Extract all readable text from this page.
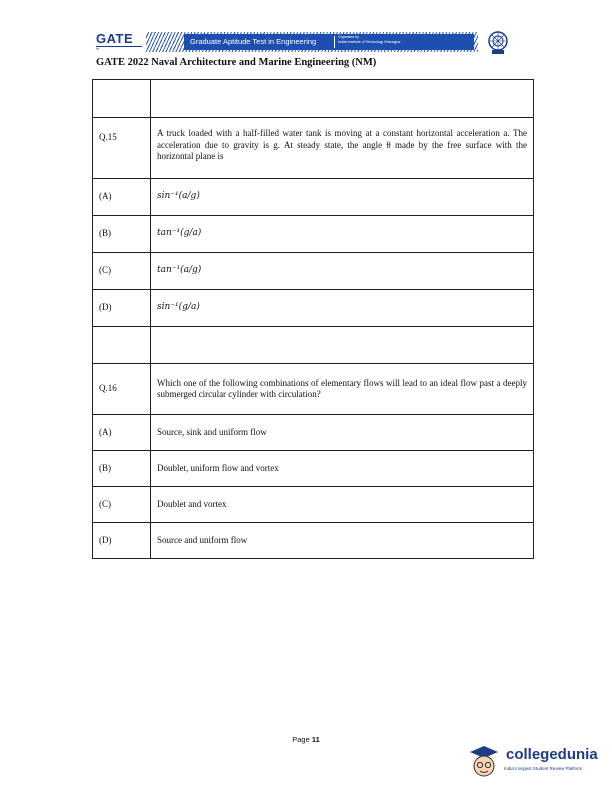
GATE
गेट
Graduate Aptitude Test in Engineering	Organised by
Indian Institute of Technology Kharagpur
GATE 2022 Naval Architecture and Marine Engineering (NM)

Q.15	A truck loaded with a half-filled water tank is moving at a constant horizontal acceleration a. The acceleration due to gravity is g. At steady state, the angle θ made by the free surface with the horizontal plane is
(A)	sin⁻¹(a/g)
(B)	tan⁻¹(g/a)
(C)	tan⁻¹(a/g)
(D)	sin⁻¹(g/a)

Q.16	Which one of the following combinations of elementary flows will lead to an ideal flow past a deeply submerged circular cylinder with circulation?
(A)	Source, sink and uniform flow
(B)	Doublet, uniform flow and vortex
(C)	Doublet and vortex
(D)	Source and uniform flow
Page 11
collegedunia
India's largest Student Review Platform
